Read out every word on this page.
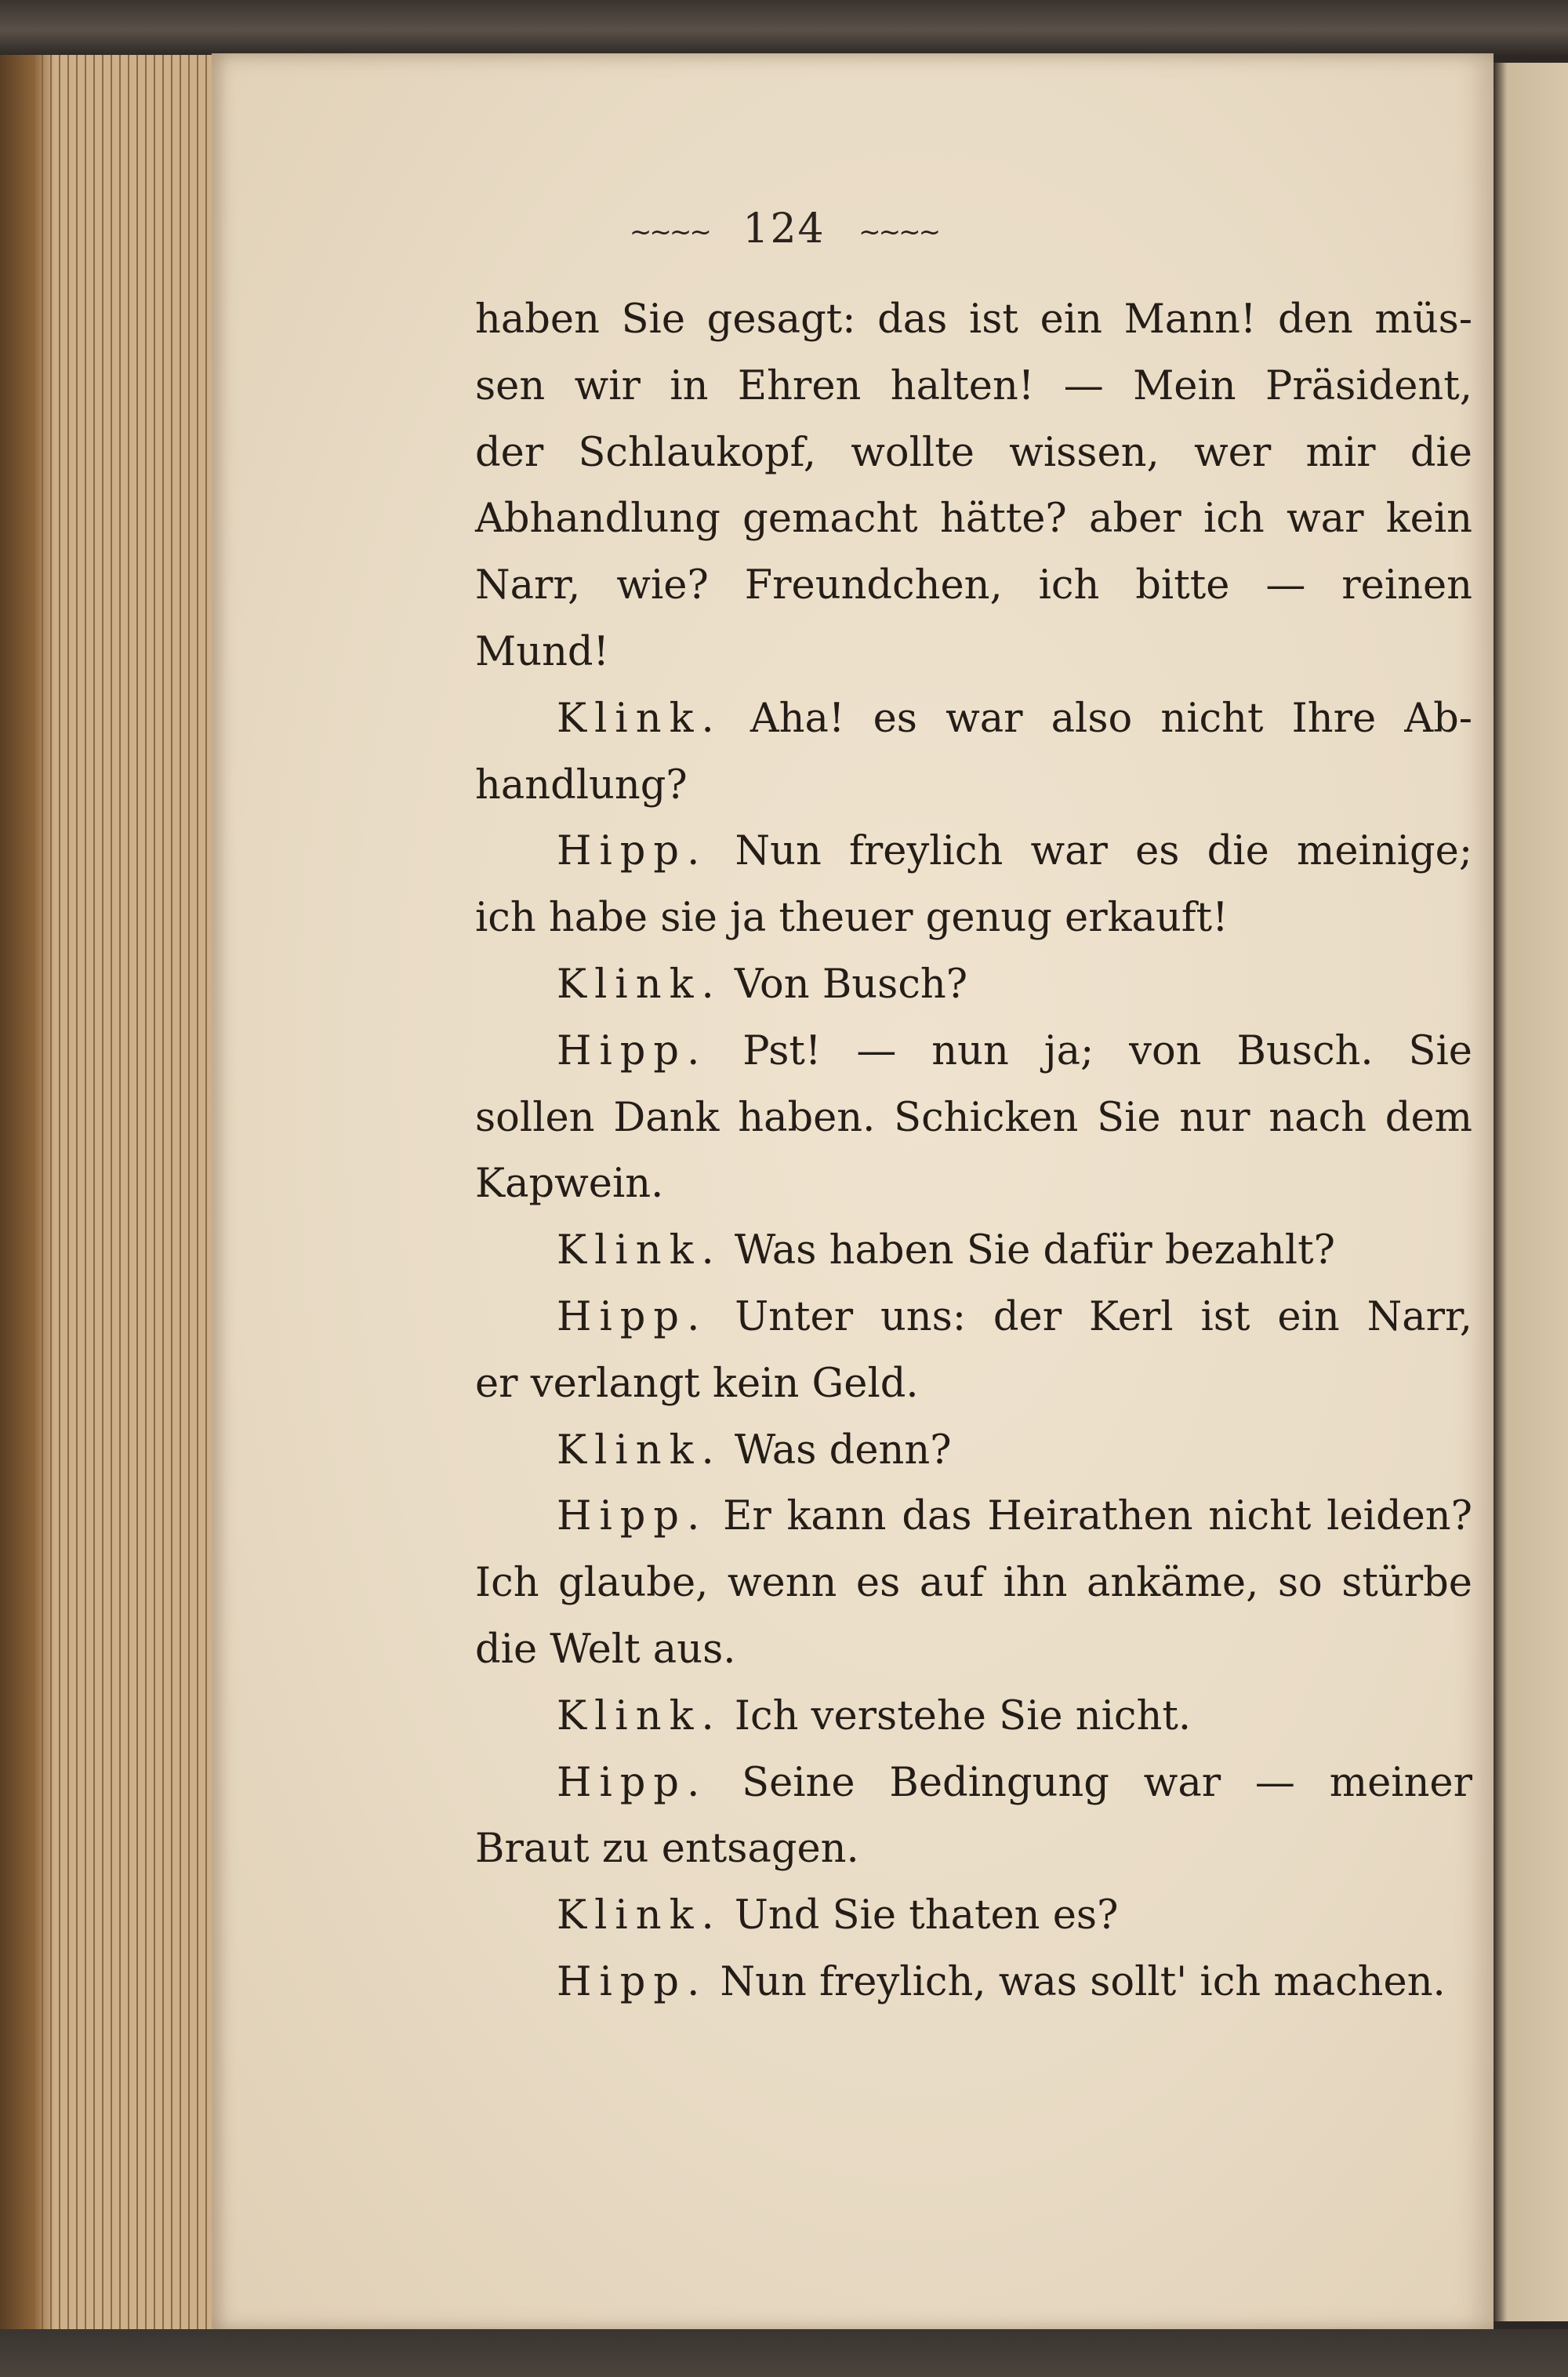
~~~~ 124 ~~~~
haben Sie gesagt: das ist ein Mann! den müs-
sen wir in Ehren halten! — Mein Präsident,
der Schlaukopf, wollte wissen, wer mir die
Abhandlung gemacht hätte? aber ich war kein
Narr, wie? Freundchen, ich bitte — reinen
Mund!
Klink. Aha! es war also nicht Ihre Ab-
handlung?
Hipp. Nun freylich war es die meinige;
ich habe sie ja theuer genug erkauft!
Klink. Von Busch?
Hipp. Pst! — nun ja; von Busch. Sie
sollen Dank haben. Schicken Sie nur nach dem
Kapwein.
Klink. Was haben Sie dafür bezahlt?
Hipp. Unter uns: der Kerl ist ein Narr,
er verlangt kein Geld.
Klink. Was denn?
Hipp. Er kann das Heirathen nicht leiden?
Ich glaube, wenn es auf ihn ankäme, so stürbe
die Welt aus.
Klink. Ich verstehe Sie nicht.
Hipp. Seine Bedingung war — meiner
Braut zu entsagen.
Klink. Und Sie thaten es?
Hipp. Nun freylich, was sollt' ich machen.
